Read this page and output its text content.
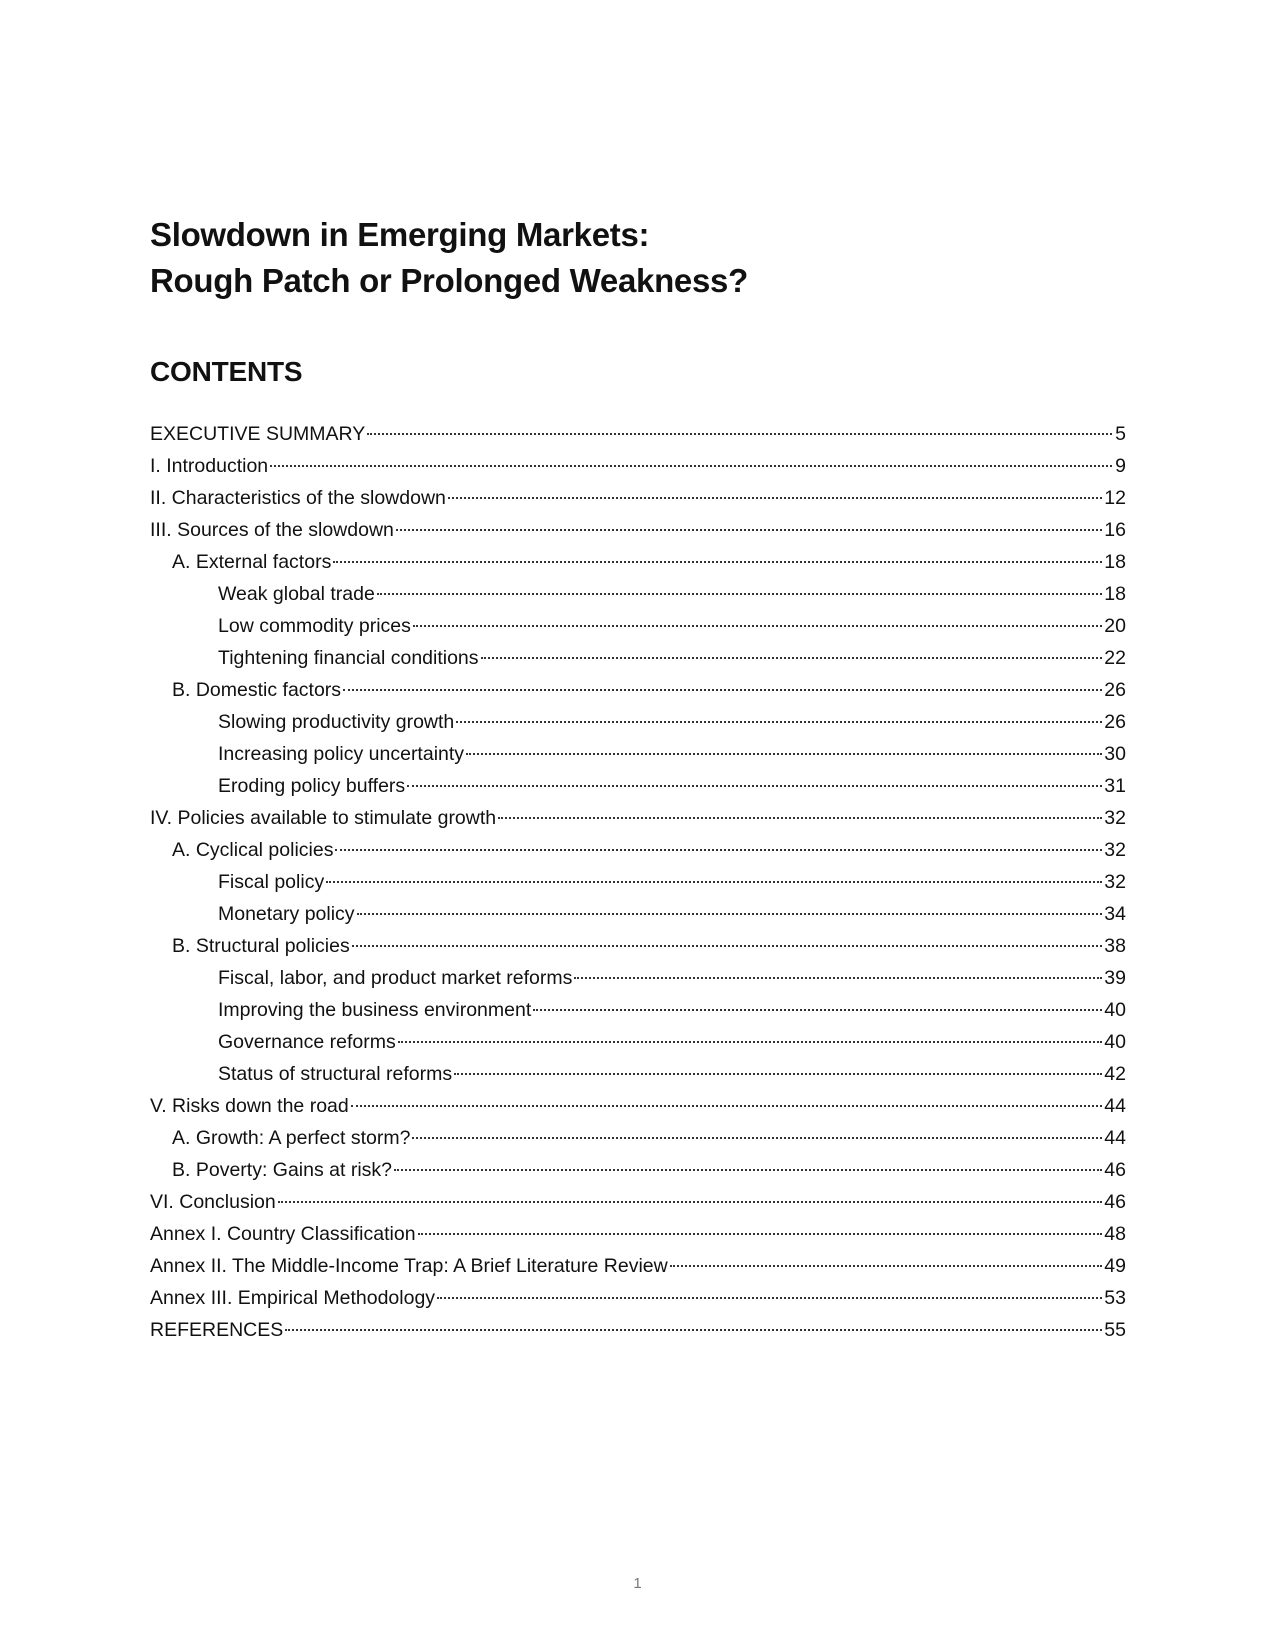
Slowdown in Emerging Markets:
Rough Patch or Prolonged Weakness?
CONTENTS
EXECUTIVE SUMMARY	5
I. Introduction	9
II. Characteristics of the slowdown	12
III. Sources of the slowdown	16
A. External factors	18
Weak global trade	18
Low commodity prices	20
Tightening financial conditions	22
B. Domestic factors	26
Slowing productivity growth	26
Increasing policy uncertainty	30
Eroding policy buffers	31
IV. Policies available to stimulate growth	32
A. Cyclical policies	32
Fiscal policy	32
Monetary policy	34
B. Structural policies	38
Fiscal, labor, and product market reforms	39
Improving the business environment	40
Governance reforms	40
Status of structural reforms	42
V. Risks down the road	44
A. Growth: A perfect storm?	44
B. Poverty: Gains at risk?	46
VI. Conclusion	46
Annex I. Country Classification	48
Annex II. The Middle-Income Trap: A Brief Literature Review	49
Annex III. Empirical Methodology	53
REFERENCES	55
1
